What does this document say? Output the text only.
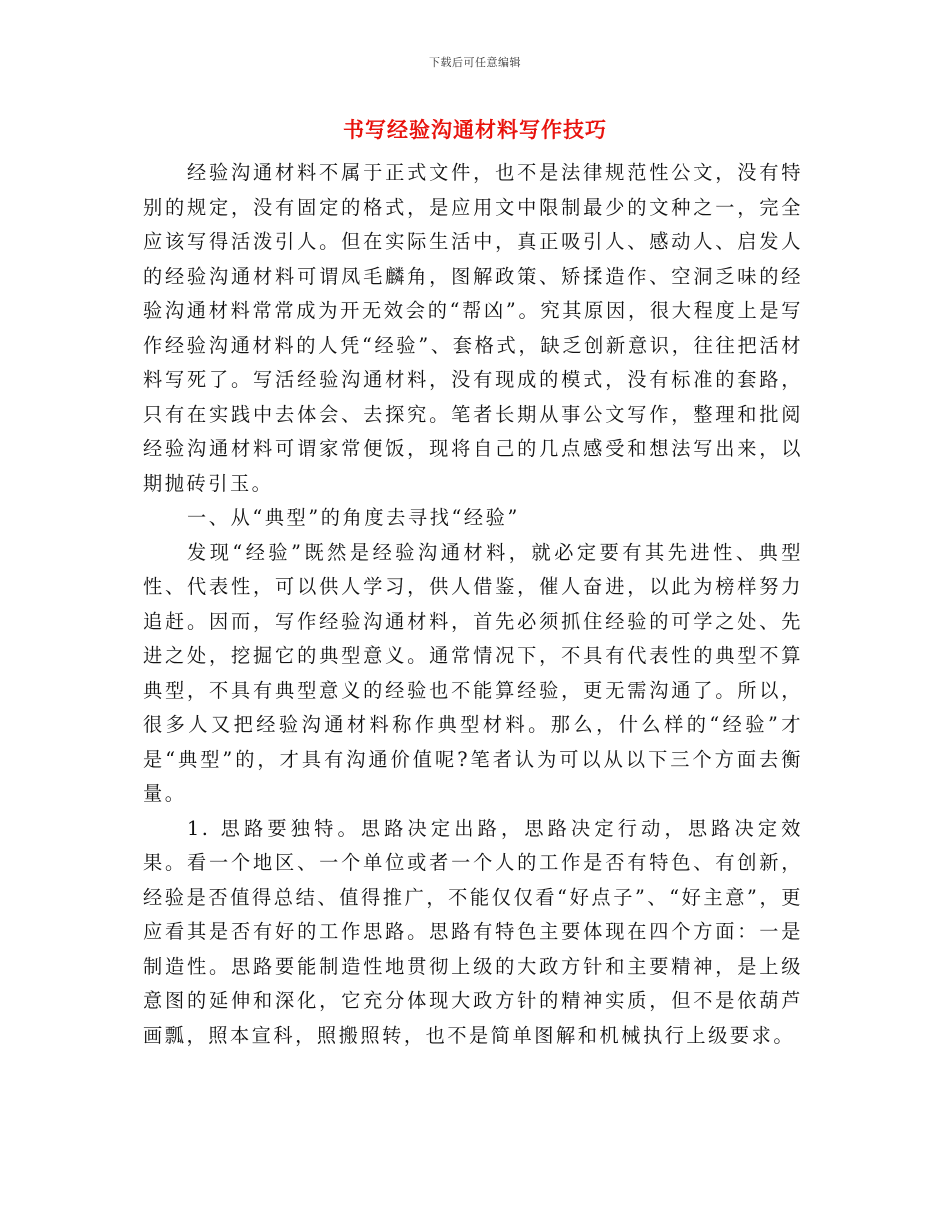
下载后可任意编辑
书写经验沟通材料写作技巧

经验沟通材料不属于正式文件，也不是法律规范性公文，没有特别的规定，没有固定的格式，是应用文中限制最少的文种之一，完全应该写得活泼引人。但在实际生活中，真正吸引人、感动人、启发人的经验沟通材料可谓凤毛麟角，图解政策、矫揉造作、空洞乏味的经验沟通材料常常成为开无效会的“帮凶”。究其原因，很大程度上是写作经验沟通材料的人凭“经验”、套格式，缺乏创新意识，往往把活材料写死了。写活经验沟通材料，没有现成的模式，没有标准的套路，只有在实践中去体会、去探究。笔者长期从事公文写作，整理和批阅经验沟通材料可谓家常便饭，现将自己的几点感受和想法写出来，以期抛砖引玉。

一、从“典型”的角度去寻找“经验”

发现“经验”既然是经验沟通材料，就必定要有其先进性、典型性、代表性，可以供人学习，供人借鉴，催人奋进，以此为榜样努力追赶。因而，写作经验沟通材料，首先必须抓住经验的可学之处、先进之处，挖掘它的典型意义。通常情况下，不具有代表性的典型不算典型，不具有典型意义的经验也不能算经验，更无需沟通了。所以，很多人又把经验沟通材料称作典型材料。那么，什么样的“经验”才是“典型”的，才具有沟通价值呢?笔者认为可以从以下三个方面去衡量。

1. 思路要独特。思路决定出路，思路决定行动，思路决定效果。看一个地区、一个单位或者一个人的工作是否有特色、有创新，经验是否值得总结、值得推广，不能仅仅看“好点子”、“好主意”，更应看其是否有好的工作思路。思路有特色主要体现在四个方面：一是制造性。思路要能制造性地贯彻上级的大政方针和主要精神，是上级意图的延伸和深化，它充分体现大政方针的精神实质，但不是依葫芦画瓢，照本宣科，照搬照转，也不是简单图解和机械执行上级要求。
